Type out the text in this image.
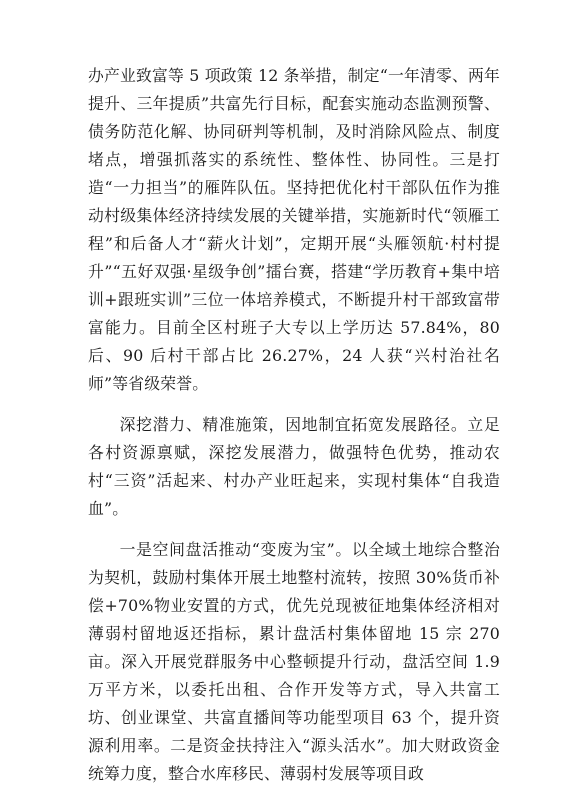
办产业致富等 5 项政策 12 条举措，制定“一年清零、两年提升、三年提质”共富先行目标，配套实施动态监测预警、债务防范化解、协同研判等机制，及时消除风险点、制度堵点，增强抓落实的系统性、整体性、协同性。三是打造“一力担当”的雁阵队伍。坚持把优化村干部队伍作为推动村级集体经济持续发展的关键举措，实施新时代“领雁工程”和后备人才“薪火计划”，定期开展“头雁领航·村村提升”“五好双强·星级争创”擂台赛，搭建“学历教育+集中培训+跟班实训”三位一体培养模式，不断提升村干部致富带富能力。目前全区村班子大专以上学历达 57.84%，80 后、90 后村干部占比 26.27%，24 人获“兴村治社名师”等省级荣誉。

深挖潜力、精准施策，因地制宜拓宽发展路径。立足各村资源禀赋，深挖发展潜力，做强特色优势，推动农村“三资”活起来、村办产业旺起来，实现村集体“自我造血”。

一是空间盘活推动“变废为宝”。以全域土地综合整治为契机，鼓励村集体开展土地整村流转，按照 30%货币补偿+70%物业安置的方式，优先兑现被征地集体经济相对薄弱村留地返还指标，累计盘活村集体留地 15 宗 270 亩。深入开展党群服务中心整顿提升行动，盘活空间 1.9 万平方米，以委托出租、合作开发等方式，导入共富工坊、创业课堂、共富直播间等功能型项目 63 个，提升资源利用率。二是资金扶持注入“源头活水”。加大财政资金统筹力度，整合水库移民、薄弱村发展等项目政
